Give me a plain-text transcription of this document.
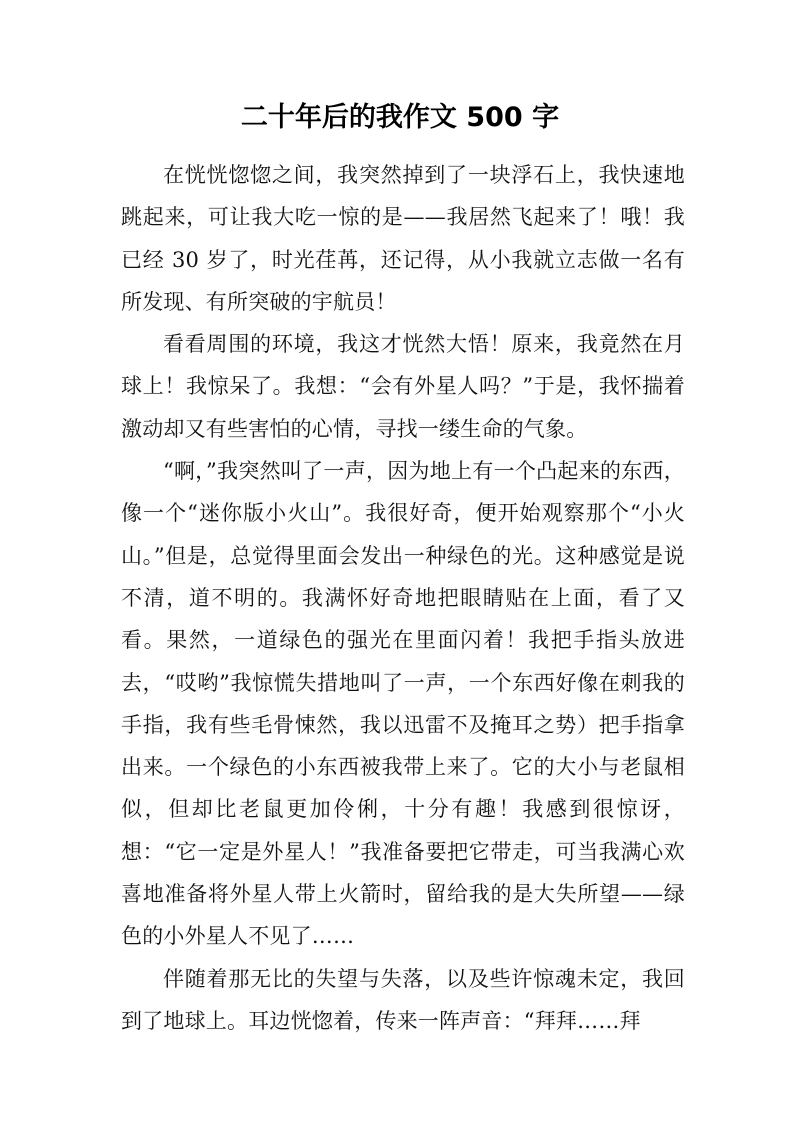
二十年后的我作文 500 字

在恍恍惚惚之间，我突然掉到了一块浮石上，我快速地跳起来，可让我大吃一惊的是——我居然飞起来了！哦！我已经 30 岁了，时光荏苒，还记得，从小我就立志做一名有所发现、有所突破的宇航员！

看看周围的环境，我这才恍然大悟！原来，我竟然在月球上！我惊呆了。我想：“会有外星人吗？”于是，我怀揣着激动却又有些害怕的心情，寻找一缕生命的气象。

“啊，”我突然叫了一声，因为地上有一个凸起来的东西，像一个“迷你版小火山”。我很好奇，便开始观察那个“小火山。”但是，总觉得里面会发出一种绿色的光。这种感觉是说不清，道不明的。我满怀好奇地把眼睛贴在上面，看了又看。果然，一道绿色的强光在里面闪着！我把手指头放进去，“哎哟”我惊慌失措地叫了一声，一个东西好像在刺我的手指，我有些毛骨悚然，我以迅雷不及掩耳之势）把手指拿出来。一个绿色的小东西被我带上来了。它的大小与老鼠相似，但却比老鼠更加伶俐，十分有趣！我感到很惊讶，想：“它一定是外星人！”我准备要把它带走，可当我满心欢喜地准备将外星人带上火箭时，留给我的是大失所望——绿色的小外星人不见了……

伴随着那无比的失望与失落，以及些许惊魂未定，我回到了地球上。耳边恍惚着，传来一阵声音：“拜拜……拜
